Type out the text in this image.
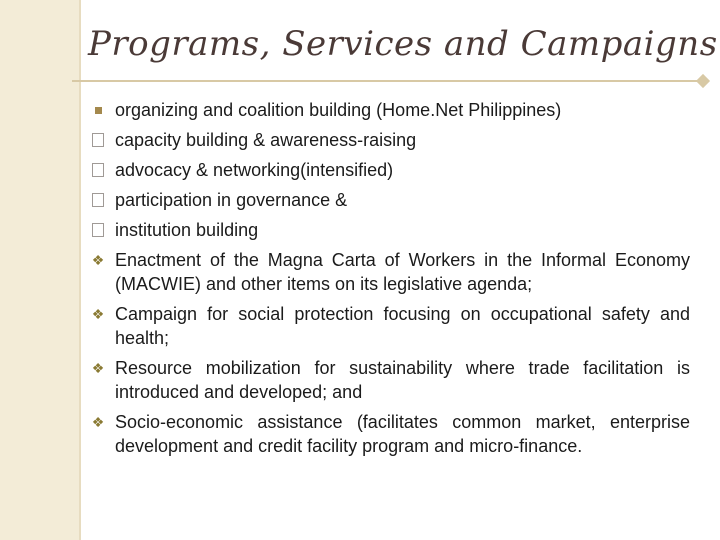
Programs, Services and Campaigns
organizing and coalition building (Home.Net Philippines)
capacity building & awareness-raising
advocacy & networking(intensified)
participation in governance &
institution building
❖ Enactment of the Magna Carta of Workers in the Informal Economy (MACWIE) and other items on its legislative agenda;
❖ Campaign for social protection focusing on occupational safety and health;
❖ Resource mobilization for sustainability where trade facilitation is introduced and developed; and
❖ Socio-economic assistance (facilitates common market, enterprise development and credit facility program and micro-finance.
